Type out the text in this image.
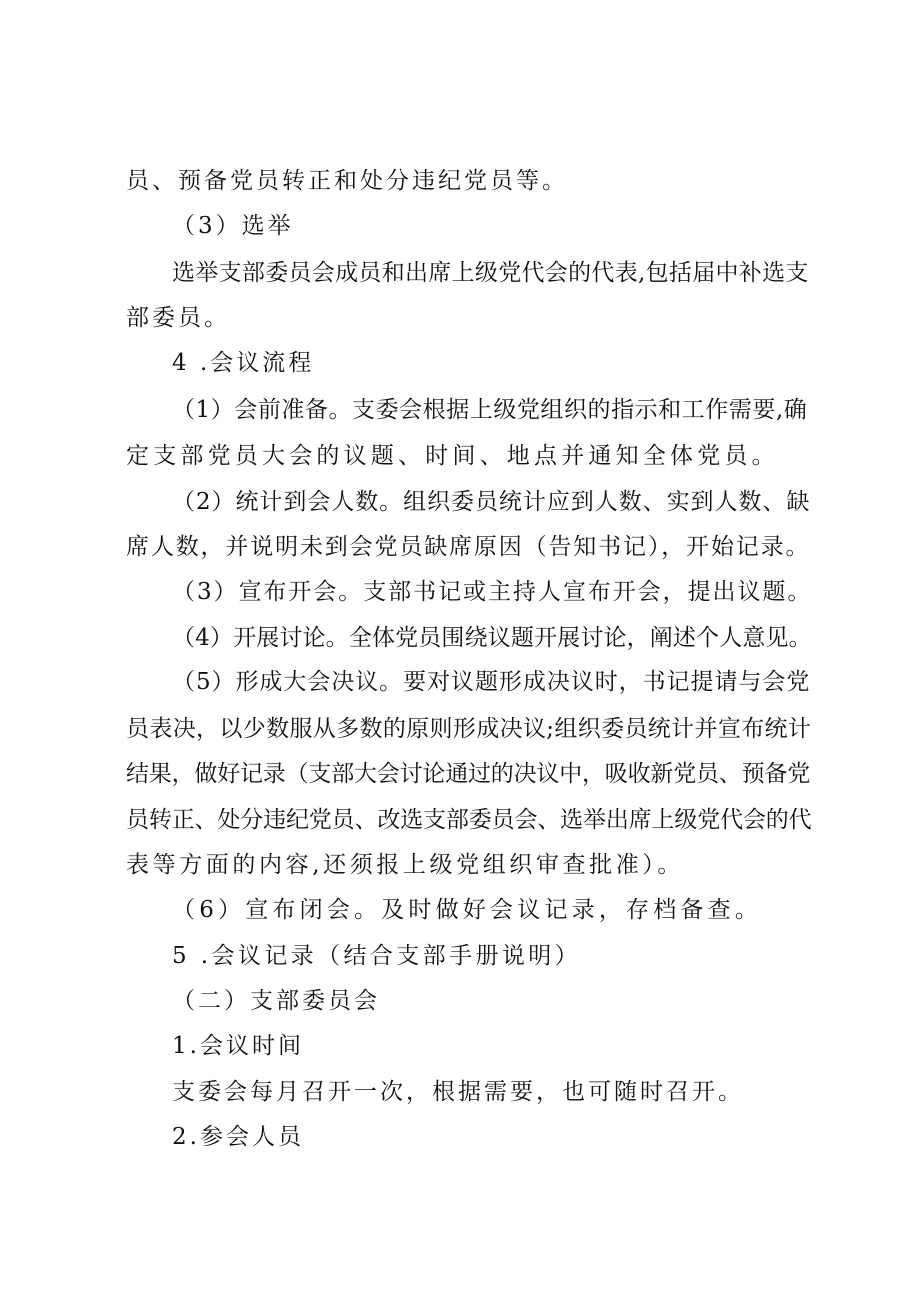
员、预备党员转正和处分违纪党员等。
（3）选举
选举支部委员会成员和出席上级党代会的代表,包括届中补选支
部委员。
4 .会议流程
（1）会前准备。支委会根据上级党组织的指示和工作需要,确
定支部党员大会的议题、时间、地点并通知全体党员。
（2）统计到会人数。组织委员统计应到人数、实到人数、缺
席人数，并说明未到会党员缺席原因（告知书记），开始记录。
（3）宣布开会。支部书记或主持人宣布开会，提出议题。
（4）开展讨论。全体党员围绕议题开展讨论，阐述个人意见。
（5）形成大会决议。要对议题形成决议时，书记提请与会党
员表决，以少数服从多数的原则形成决议;组织委员统计并宣布统计
结果，做好记录（支部大会讨论通过的决议中，吸收新党员、预备党
员转正、处分违纪党员、改选支部委员会、选举出席上级党代会的代
表等方面的内容,还须报上级党组织审查批准）。
（6）宣布闭会。及时做好会议记录，存档备查。
5 .会议记录（结合支部手册说明）
（二）支部委员会
1.会议时间
支委会每月召开一次，根据需要，也可随时召开。
2.参会人员
